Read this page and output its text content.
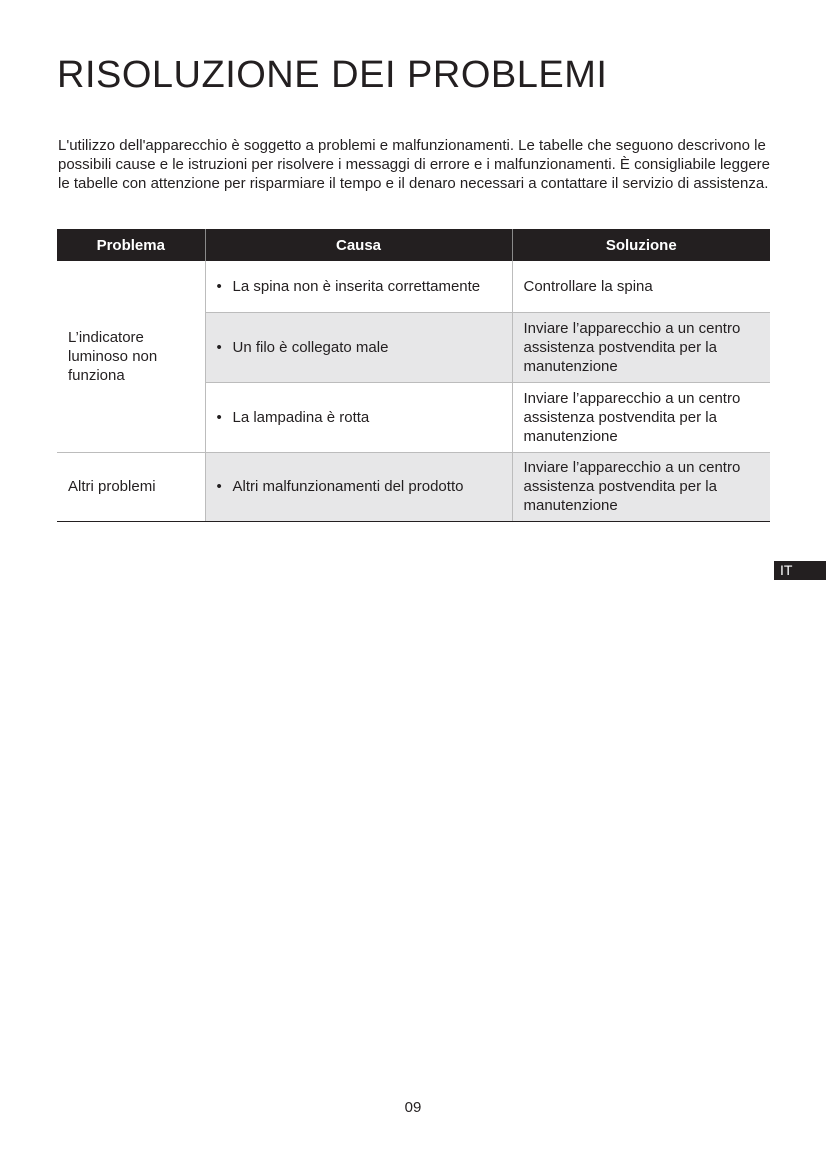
RISOLUZIONE DEI PROBLEMI

L'utilizzo dell'apparecchio è soggetto a problemi e malfunzionamenti. Le tabelle che seguono descrivono le possibili cause e le istruzioni per risolvere i messaggi di errore e i malfunzionamenti. È consigliabile leggere le tabelle con attenzione per risparmiare il tempo e il denaro necessari a contattare il servizio di assistenza.

Problema	Causa	Soluzione
L’indicatore luminoso non funziona	• La spina non è inserita correttamente	Controllare la spina

	• Un filo è collegato male	Inviare l’apparecchio a un centro assistenza postvendita per la manutenzione

	• La lampadina è rotta	Inviare l’apparecchio a un centro assistenza postvendita per la manutenzione
Altri problemi	• Altri malfunzionamenti del prodotto	Inviare l’apparecchio a un centro assistenza postvendita per la manutenzione
IT
09
